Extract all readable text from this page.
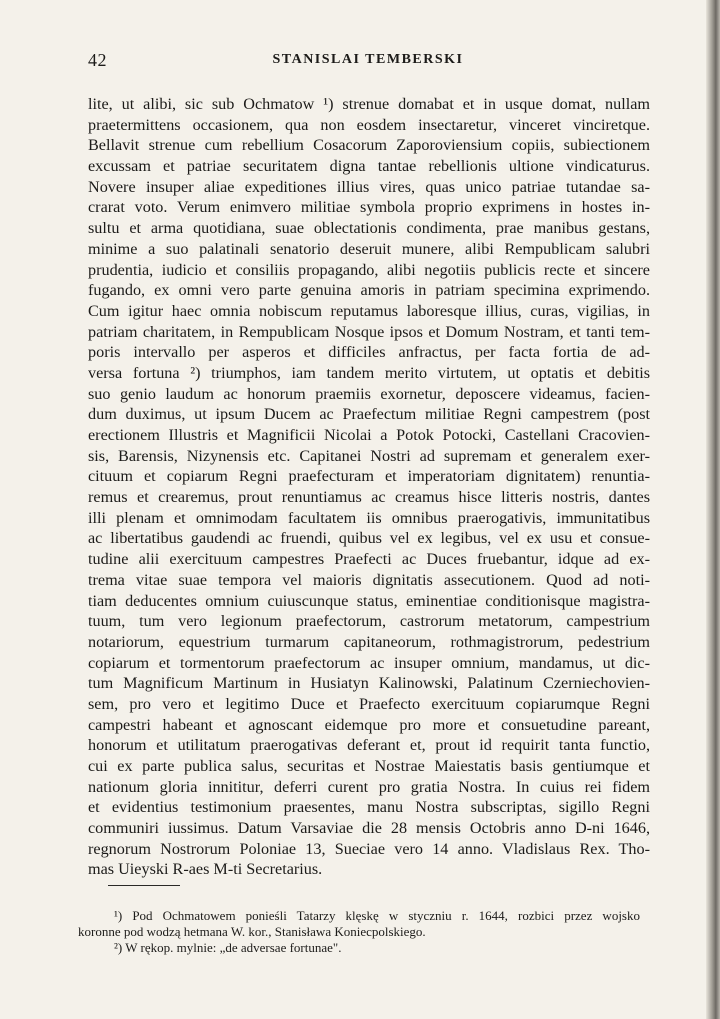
42	STANISLAI TEMBERSKI
lite, ut alibi, sic sub Ochmatow ¹) strenue domabat et in usque domat, nullam
praetermittens occasionem, qua non eosdem insectaretur, vinceret vinciretque.
Bellavit strenue cum rebellium Cosacorum Zaporoviensium copiis, subiectionem
excussam et patriae securitatem digna tantae rebellionis ultione vindicaturus.
Novere insuper aliae expeditiones illius vires, quas unico patriae tutandae sa-
crarat voto. Verum enimvero militiae symbola proprio exprimens in hostes in-
sultu et arma quotidiana, suae oblectationis condimenta, prae manibus gestans,
minime a suo palatinali senatorio deseruit munere, alibi Rempublicam salubri
prudentia, iudicio et consiliis propagando, alibi negotiis publicis recte et sincere
fugando, ex omni vero parte genuina amoris in patriam specimina exprimendo.
Cum igitur haec omnia nobiscum reputamus laboresque illius, curas, vigilias, in
patriam charitatem, in Rempublicam Nosque ipsos et Domum Nostram, et tanti tem-
poris intervallo per asperos et difficiles anfractus, per facta fortia de ad-
versa fortuna ²) triumphos, iam tandem merito virtutem, ut optatis et debitis
suo genio laudum ac honorum praemiis exornetur, deposcere videamus, facien-
dum duximus, ut ipsum Ducem ac Praefectum militiae Regni campestrem (post
erectionem Illustris et Magnificii Nicolai a Potok Potocki, Castellani Cracovien-
sis, Barensis, Nizynensis etc. Capitanei Nostri ad supremam et generalem exer-
cituum et copiarum Regni praefecturam et imperatoriam dignitatem) renuntia-
remus et crearemus, prout renuntiamus ac creamus hisce litteris nostris, dantes
illi plenam et omnimodam facultatem iis omnibus praerogativis, immunitatibus
ac libertatibus gaudendi ac fruendi, quibus vel ex legibus, vel ex usu et consue-
tudine alii exercituum campestres Praefecti ac Duces fruebantur, idque ad ex-
trema vitae suae tempora vel maioris dignitatis assecutionem. Quod ad noti-
tiam deducentes omnium cuiuscunque status, eminentiae conditionisque magistra-
tuum, tum vero legionum praefectorum, castrorum metatorum, campestrium
notariorum, equestrium turmarum capitaneorum, rothmagistrorum, pedestrium
copiarum et tormentorum praefectorum ac insuper omnium, mandamus, ut dic-
tum Magnificum Martinum in Husiatyn Kalinowski, Palatinum Czerniechovien-
sem, pro vero et legitimo Duce et Praefecto exercituum copiarumque Regni
campestri habeant et agnoscant eidemque pro more et consuetudine pareant,
honorum et utilitatum praerogativas deferant et, prout id requirit tanta functio,
cui ex parte publica salus, securitas et Nostrae Maiestatis basis gentiumque et
nationum gloria innititur, deferri curent pro gratia Nostra. In cuius rei fidem
et evidentius testimonium praesentes, manu Nostra subscriptas, sigillo Regni
communiri iussimus. Datum Varsaviae die 28 mensis Octobris anno D-ni 1646,
regnorum Nostrorum Poloniae 13, Sueciae vero 14 anno. Vladislaus Rex. Tho-
mas Uieyski R-aes M-ti Secretarius.
¹) Pod Ochmatowem ponieśli Tatarzy klęskę w styczniu r. 1644, rozbici przez wojsko
koronne pod wodzą hetmana W. kor., Stanisława Koniecpolskiego.
²) W rękop. mylnie: „de adversae fortunae".
